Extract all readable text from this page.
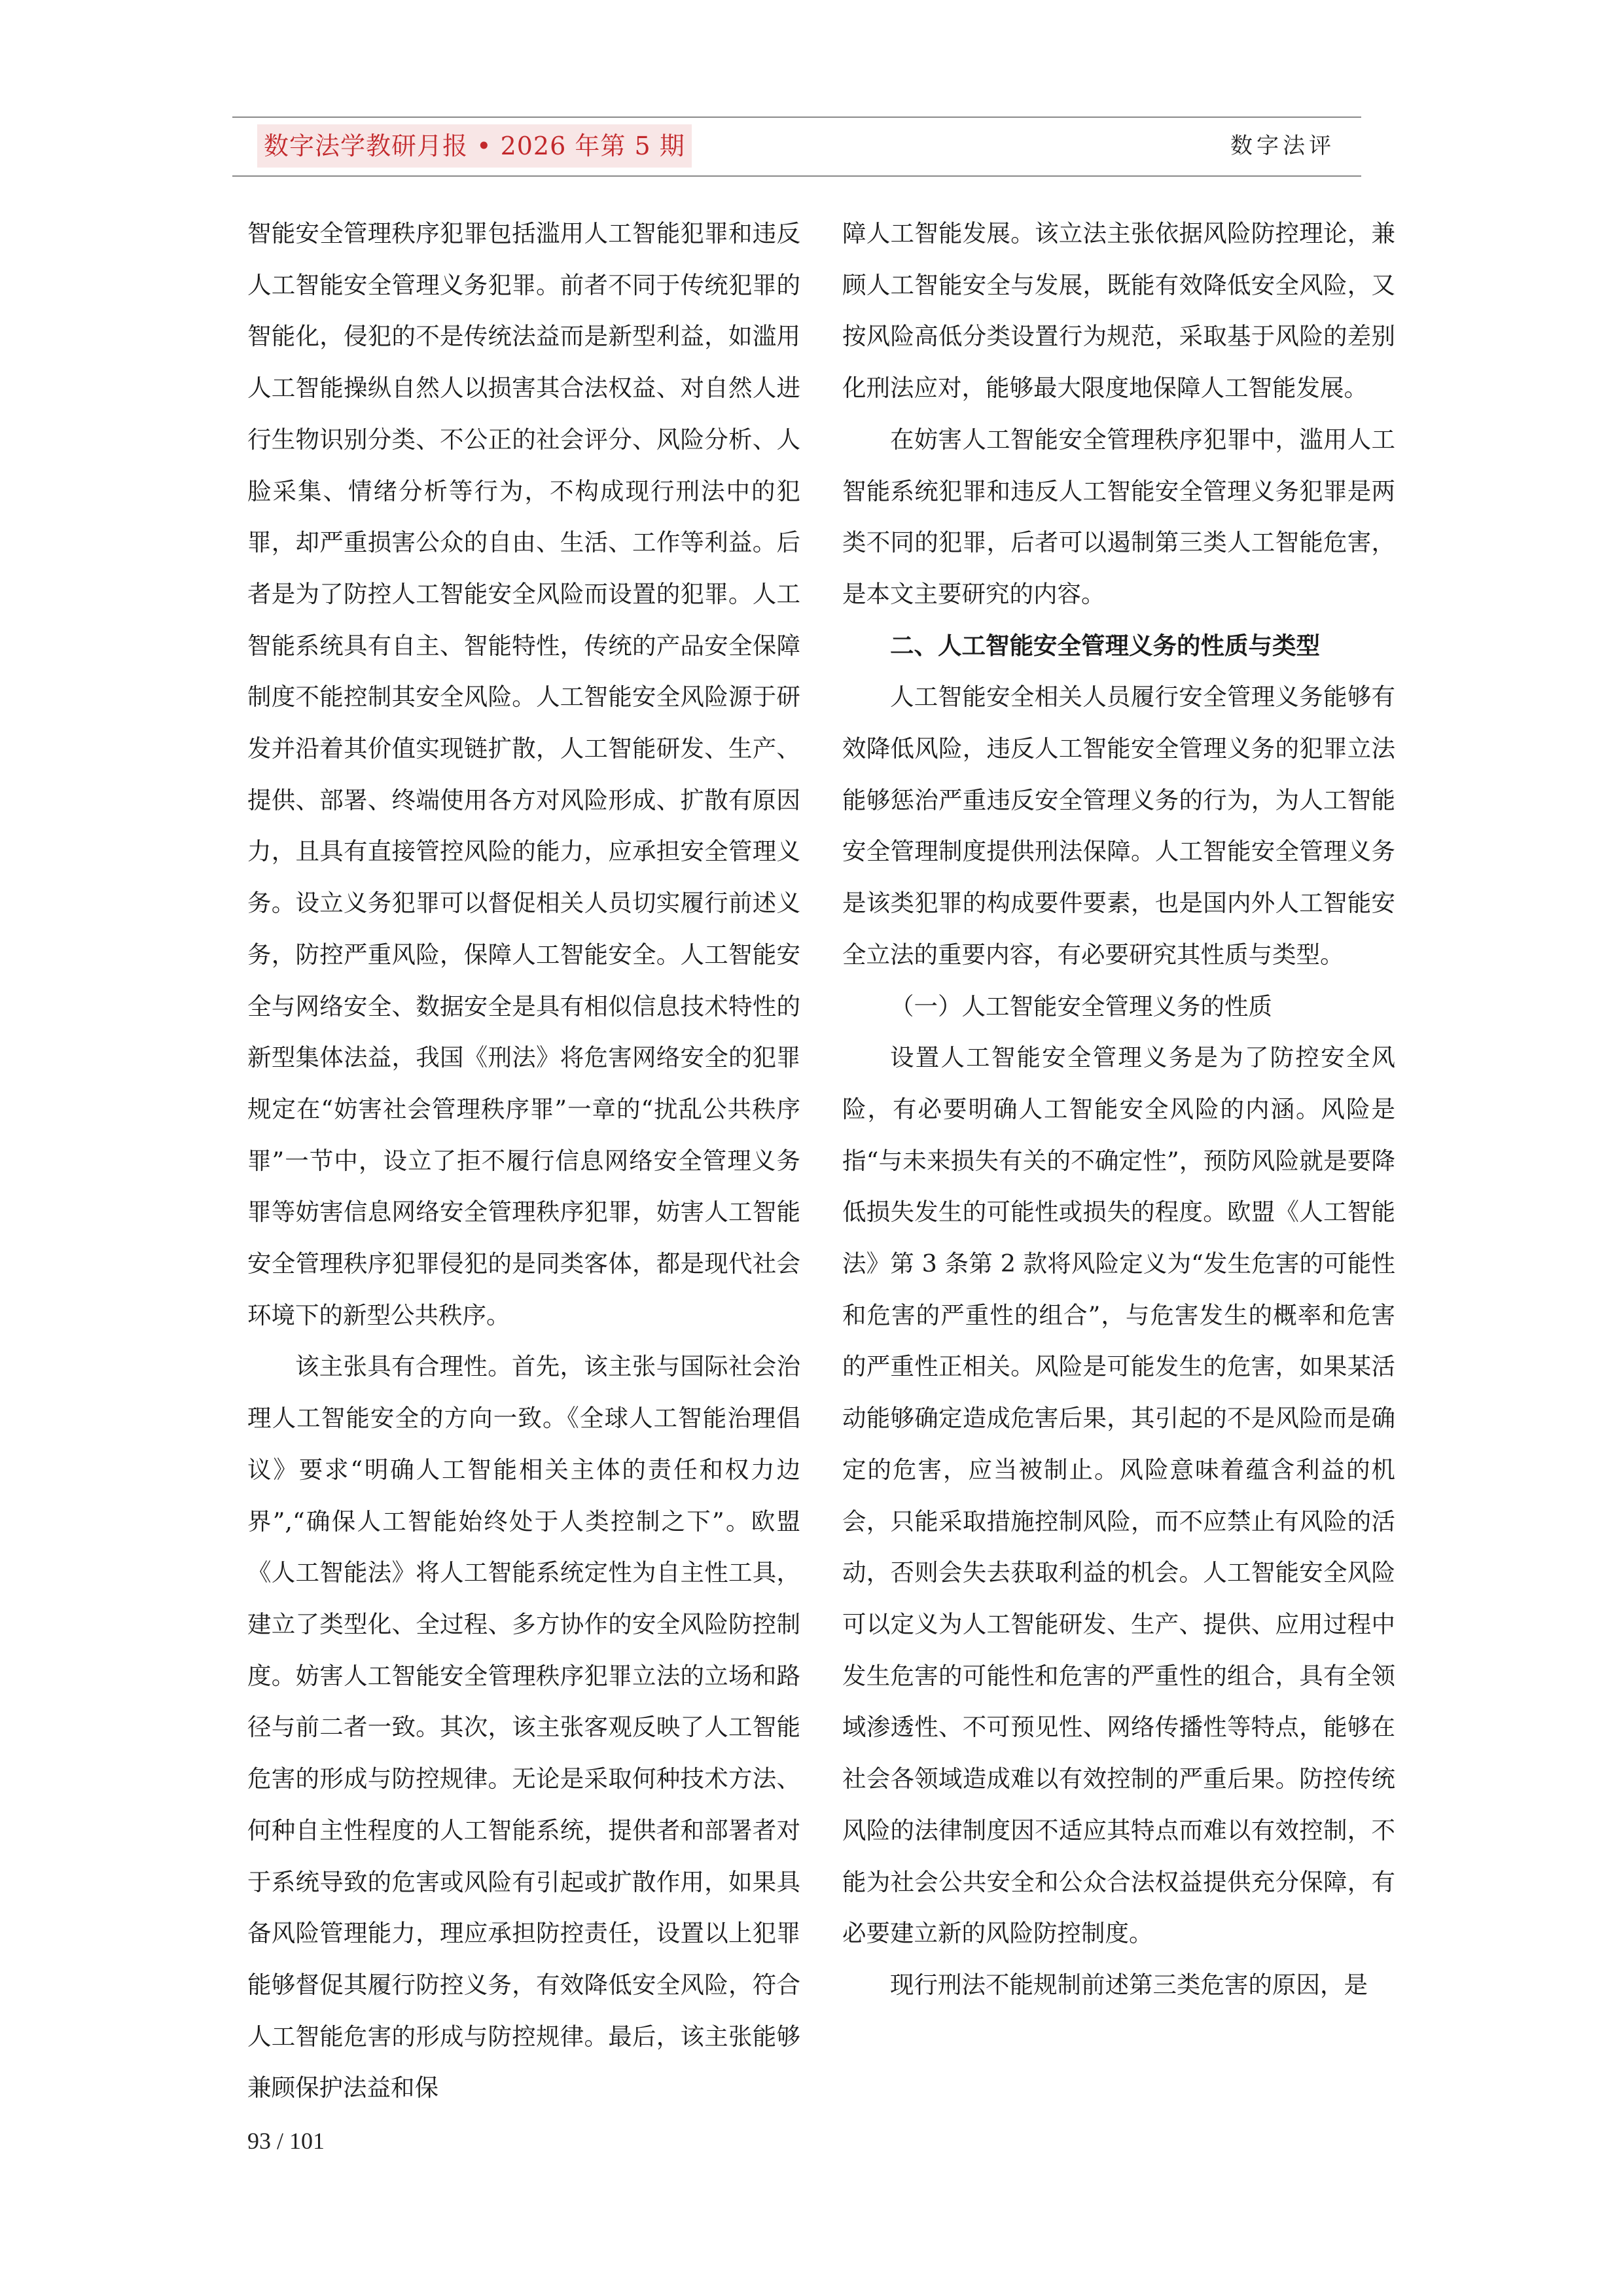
数字法学教研月报 • 2026 年第 5 期	数字法评

智能安全管理秩序犯罪包括滥用人工智能犯罪和违反人工智能安全管理义务犯罪。前者不同于传统犯罪的智能化，侵犯的不是传统法益而是新型利益，如滥用人工智能操纵自然人以损害其合法权益、对自然人进行生物识别分类、不公正的社会评分、风险分析、人脸采集、情绪分析等行为，不构成现行刑法中的犯罪，却严重损害公众的自由、生活、工作等利益。后者是为了防控人工智能安全风险而设置的犯罪。人工智能系统具有自主、智能特性，传统的产品安全保障制度不能控制其安全风险。人工智能安全风险源于研发并沿着其价值实现链扩散，人工智能研发、生产、提供、部署、终端使用各方对风险形成、扩散有原因力，且具有直接管控风险的能力，应承担安全管理义务。设立义务犯罪可以督促相关人员切实履行前述义务，防控严重风险，保障人工智能安全。人工智能安全与网络安全、数据安全是具有相似信息技术特性的新型集体法益，我国《刑法》将危害网络安全的犯罪规定在“妨害社会管理秩序罪”一章的“扰乱公共秩序罪”一节中，设立了拒不履行信息网络安全管理义务罪等妨害信息网络安全管理秩序犯罪，妨害人工智能安全管理秩序犯罪侵犯的是同类客体，都是现代社会环境下的新型公共秩序。

该主张具有合理性。首先，该主张与国际社会治理人工智能安全的方向一致。《全球人工智能治理倡议》要求“明确人工智能相关主体的责任和权力边界”,“确保人工智能始终处于人类控制之下”。欧盟《人工智能法》将人工智能系统定性为自主性工具，建立了类型化、全过程、多方协作的安全风险防控制度。妨害人工智能安全管理秩序犯罪立法的立场和路径与前二者一致。其次，该主张客观反映了人工智能危害的形成与防控规律。无论是采取何种技术方法、何种自主性程度的人工智能系统，提供者和部署者对于系统导致的危害或风险有引起或扩散作用，如果具备风险管理能力，理应承担防控责任，设置以上犯罪能够督促其履行防控义务，有效降低安全风险，符合人工智能危害的形成与防控规律。最后，该主张能够兼顾保护法益和保

障人工智能发展。该立法主张依据风险防控理论，兼顾人工智能安全与发展，既能有效降低安全风险，又按风险高低分类设置行为规范，采取基于风险的差别化刑法应对，能够最大限度地保障人工智能发展。

在妨害人工智能安全管理秩序犯罪中，滥用人工智能系统犯罪和违反人工智能安全管理义务犯罪是两类不同的犯罪，后者可以遏制第三类人工智能危害，是本文主要研究的内容。

二、人工智能安全管理义务的性质与类型

人工智能安全相关人员履行安全管理义务能够有效降低风险，违反人工智能安全管理义务的犯罪立法能够惩治严重违反安全管理义务的行为，为人工智能安全管理制度提供刑法保障。人工智能安全管理义务是该类犯罪的构成要件要素，也是国内外人工智能安全立法的重要内容，有必要研究其性质与类型。

（一）人工智能安全管理义务的性质

设置人工智能安全管理义务是为了防控安全风险，有必要明确人工智能安全风险的内涵。风险是指“与未来损失有关的不确定性”，预防风险就是要降低损失发生的可能性或损失的程度。欧盟《人工智能法》第 3 条第 2 款将风险定义为“发生危害的可能性和危害的严重性的组合”，与危害发生的概率和危害的严重性正相关。风险是可能发生的危害，如果某活动能够确定造成危害后果，其引起的不是风险而是确定的危害，应当被制止。风险意味着蕴含利益的机会，只能采取措施控制风险，而不应禁止有风险的活动，否则会失去获取利益的机会。人工智能安全风险可以定义为人工智能研发、生产、提供、应用过程中发生危害的可能性和危害的严重性的组合，具有全领域渗透性、不可预见性、网络传播性等特点，能够在社会各领域造成难以有效控制的严重后果。防控传统风险的法律制度因不适应其特点而难以有效控制，不能为社会公共安全和公众合法权益提供充分保障，有必要建立新的风险防控制度。

现行刑法不能规制前述第三类危害的原因，是

93 / 101
